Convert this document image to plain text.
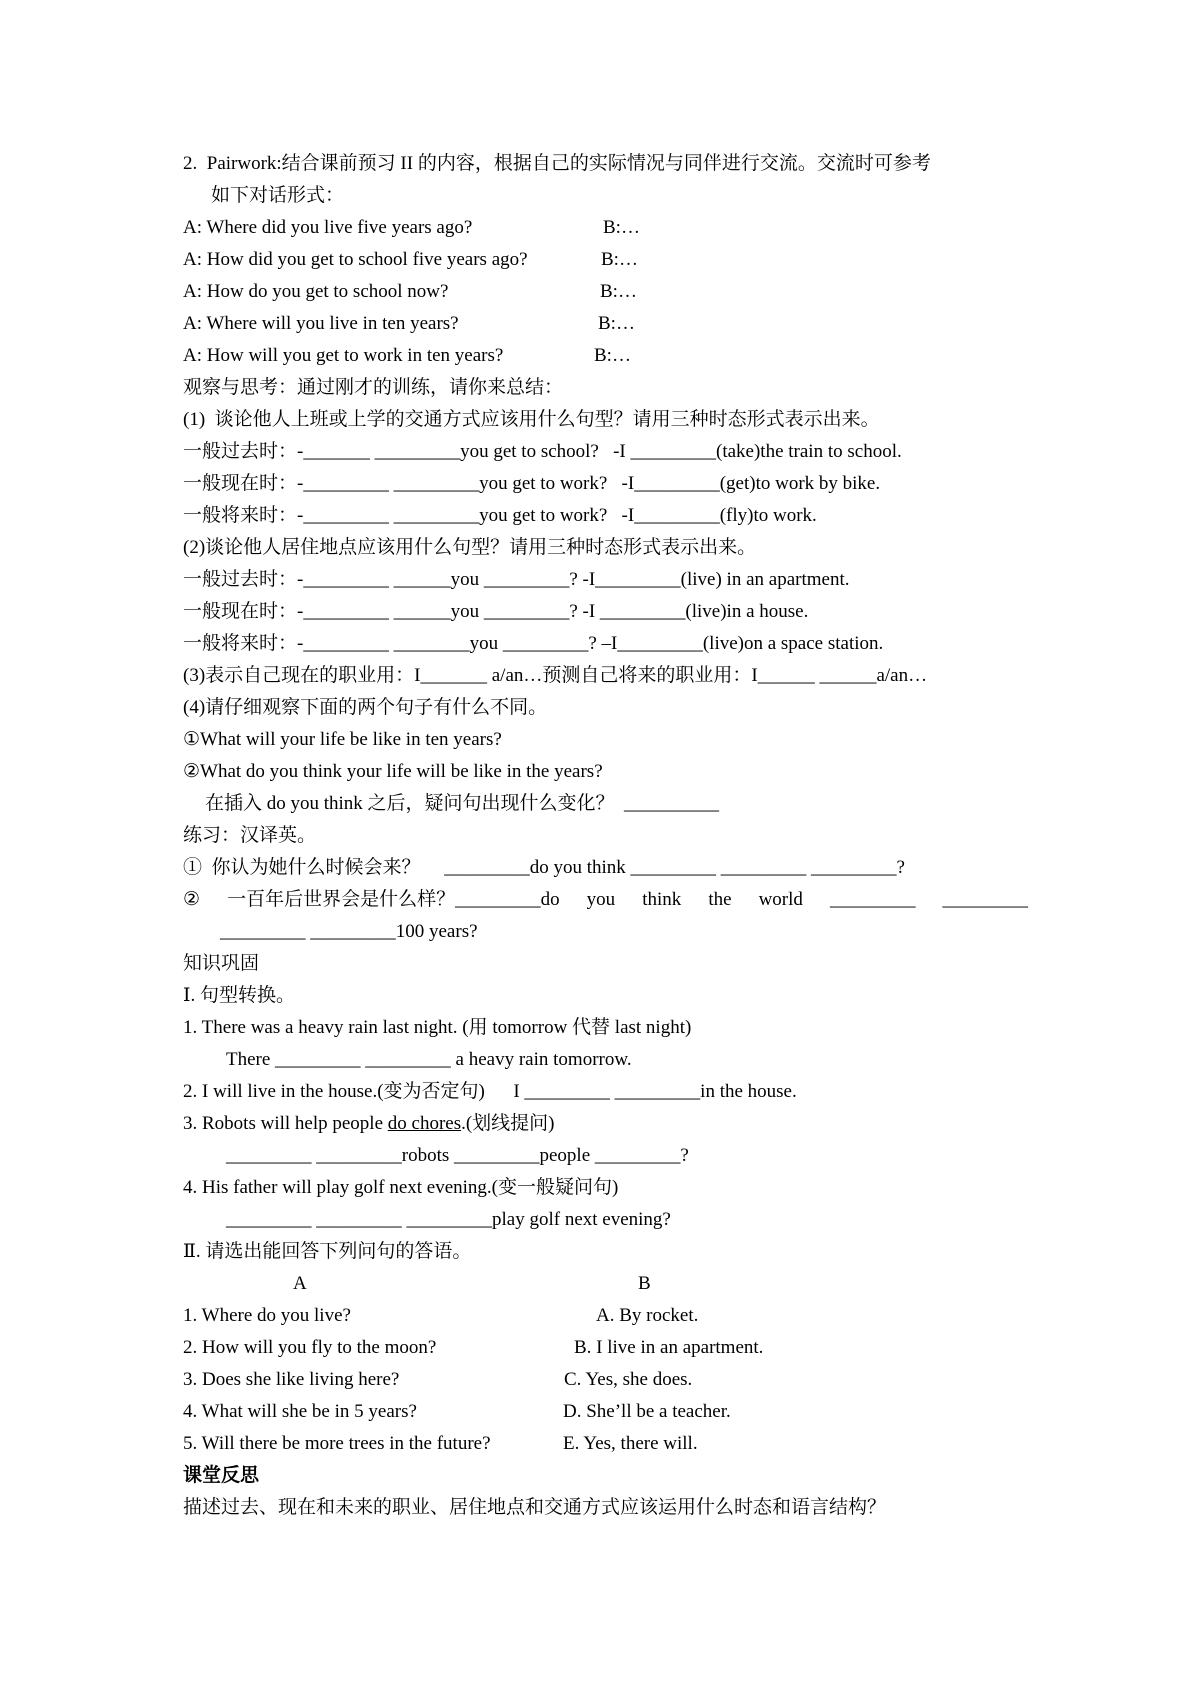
2.  Pairwork:结合课前预习 II 的内容，根据自己的实际情况与同伴进行交流。交流时可参考
如下对话形式：
A: Where did you live five years ago?	B:…
A: How did you get to school five years ago?	B:…
A: How do you get to school now?	B:…
A: Where will you live in ten years?	B:…
A: How will you get to work in ten years?	B:…
观察与思考：通过刚才的训练，请你来总结：
(1)  谈论他人上班或上学的交通方式应该用什么句型？请用三种时态形式表示出来。
一般过去时：-_______ _________you get to school?   -I _________(take)the train to school.
一般现在时：-_________ _________you get to work?   -I_________(get)to work by bike.
一般将来时：-_________ _________you get to work?   -I_________(fly)to work.
(2)谈论他人居住地点应该用什么句型？请用三种时态形式表示出来。
一般过去时：-_________ ______you _________? -I_________(live) in an apartment.
一般现在时：-_________ ______you _________? -I _________(live)in a house.
一般将来时：-_________ ________you _________? –I_________(live)on a space station.
(3)表示自己现在的职业用：I_______ a/an…预测自己将来的职业用：I______ ______a/an…
(4)请仔细观察下面的两个句子有什么不同。
①What will your life be like in ten years?
②What do you think your life will be like in the years?
在插入 do you think 之后，疑问句出现什么变化？  __________
练习：汉译英。
①  你认为她什么时候会来？     _________do you think _________ _________ _________?
② 一百年后世界会是什么样？_________do you think the world _________ _________
_________ _________100 years?
知识巩固
Ⅰ. 句型转换。
1. There was a heavy rain last night. (用 tomorrow 代替 last night)
There _________ _________ a heavy rain tomorrow.
2. I will live in the house.(变为否定句)      I _________ _________in the house.
3. Robots will help people do chores.(划线提问)
_________ _________robots _________people _________?
4. His father will play golf next evening.(变一般疑问句)
_________ _________ _________play golf next evening?
Ⅱ. 请选出能回答下列问句的答语。
A	B
1. Where do you live?	A. By rocket.
2. How will you fly to the moon?	B. I live in an apartment.
3. Does she like living here?	C. Yes, she does.
4. What will she be in 5 years?	D. She’ll be a teacher.
5. Will there be more trees in the future?	E. Yes, there will.
课堂反思
描述过去、现在和未来的职业、居住地点和交通方式应该运用什么时态和语言结构？
